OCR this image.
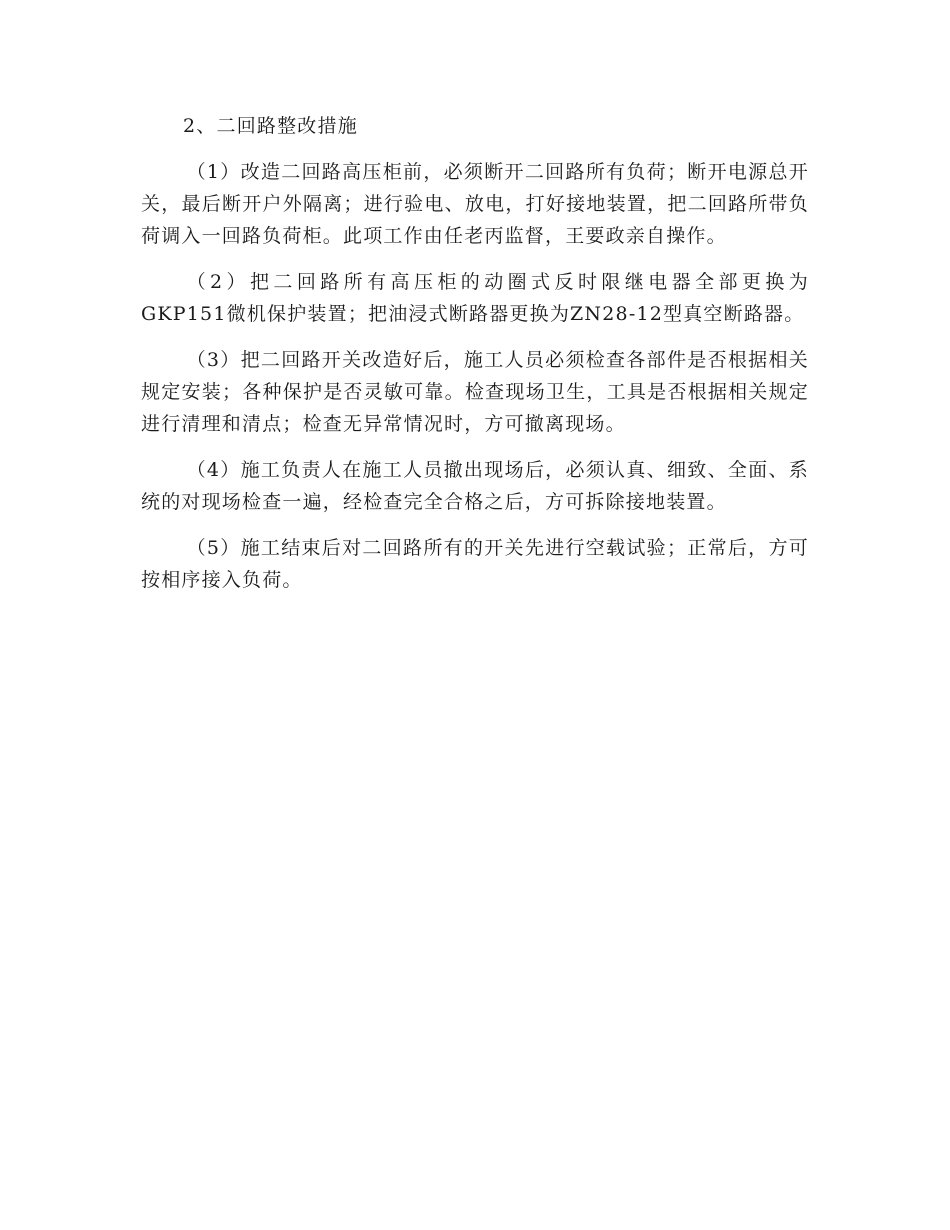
2、二回路整改措施

（1）改造二回路高压柜前，必须断开二回路所有负荷；断开电源总开关，最后断开户外隔离；进行验电、放电，打好接地装置，把二回路所带负荷调入一回路负荷柜。此项工作由任老丙监督，王要政亲自操作。

（2）把二回路所有高压柜的动圈式反时限继电器全部更换为GKP151微机保护装置；把油浸式断路器更换为ZN28-12型真空断路器。

（3）把二回路开关改造好后，施工人员必须检查各部件是否根据相关规定安装；各种保护是否灵敏可靠。检查现场卫生，工具是否根据相关规定进行清理和清点；检查无异常情况时，方可撤离现场。

（4）施工负责人在施工人员撤出现场后，必须认真、细致、全面、系统的对现场检查一遍，经检查完全合格之后，方可拆除接地装置。

（5）施工结束后对二回路所有的开关先进行空载试验；正常后，方可按相序接入负荷。
